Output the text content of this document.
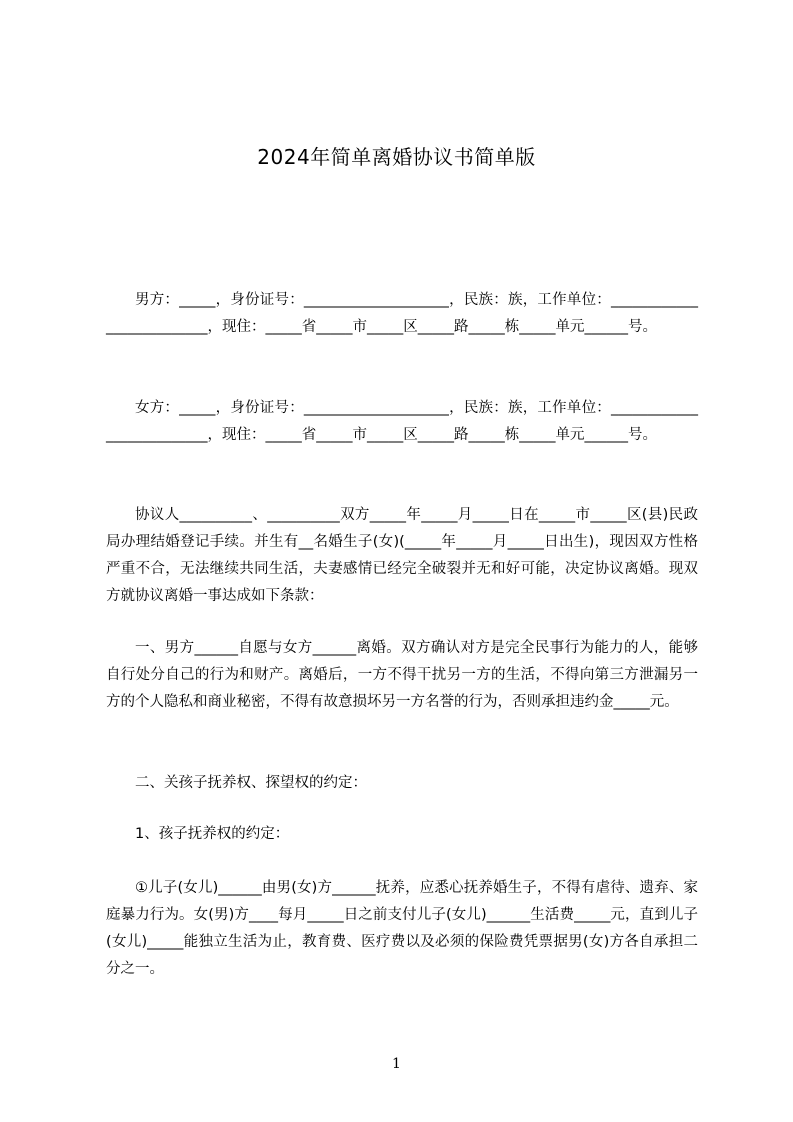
2024年简单离婚协议书简单版
男方：_____，身份证号：____________________，民族：族，工作单位：__________________________，现住：_____省_____市_____区_____路_____栋_____单元______号。
女方：_____，身份证号：____________________，民族：族，工作单位：__________________________，现住：_____省_____市_____区_____路_____栋_____单元______号。
协议人__________、__________双方_____年_____月_____日在_____市_____区(县)民政局办理结婚登记手续。并生有__名婚生子(女)(_____年_____月_____日出生)，现因双方性格严重不合，无法继续共同生活，夫妻感情已经完全破裂并无和好可能，决定协议离婚。现双方就协议离婚一事达成如下条款：
一、男方______自愿与女方______离婚。双方确认对方是完全民事行为能力的人，能够自行处分自己的行为和财产。离婚后，一方不得干扰另一方的生活，不得向第三方泄漏另一方的个人隐私和商业秘密，不得有故意损坏另一方名誉的行为，否则承担违约金_____元。
二、关孩子抚养权、探望权的约定：
1、孩子抚养权的约定：
①儿子(女儿)______由男(女)方______抚养，应悉心抚养婚生子，不得有虐待、遗弃、家庭暴力行为。女(男)方____每月_____日之前支付儿子(女儿)______生活费_____元，直到儿子(女儿)_____能独立生活为止，教育费、医疗费以及必须的保险费凭票据男(女)方各自承担二分之一。
1
